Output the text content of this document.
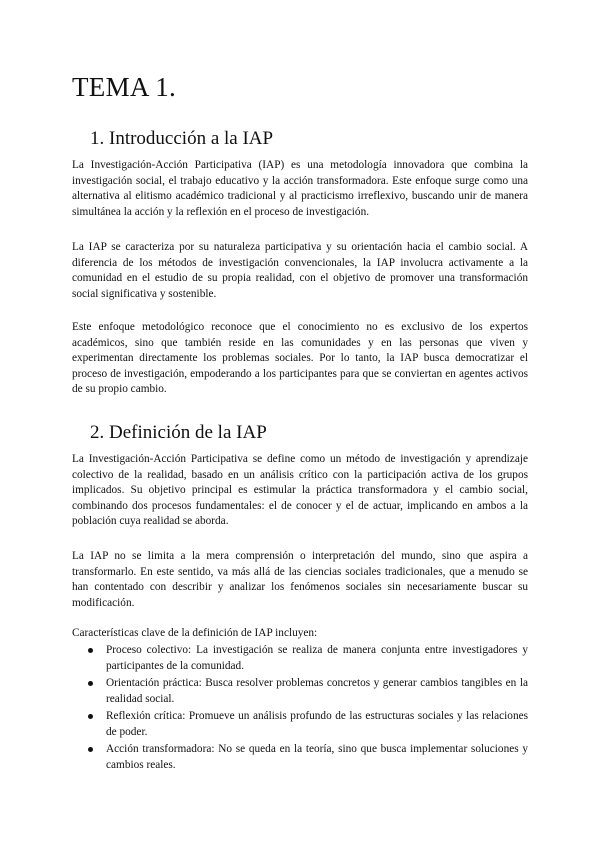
TEMA 1.
1. Introducción a la IAP

La Investigación-Acción Participativa (IAP) es una metodología innovadora que combina la investigación social, el trabajo educativo y la acción transformadora. Este enfoque surge como una alternativa al elitismo académico tradicional y al practicismo irreflexivo, buscando unir de manera simultánea la acción y la reflexión en el proceso de investigación.

La IAP se caracteriza por su naturaleza participativa y su orientación hacia el cambio social. A diferencia de los métodos de investigación convencionales, la IAP involucra activamente a la comunidad en el estudio de su propia realidad, con el objetivo de promover una transformación social significativa y sostenible.

Este enfoque metodológico reconoce que el conocimiento no es exclusivo de los expertos académicos, sino que también reside en las comunidades y en las personas que viven y experimentan directamente los problemas sociales. Por lo tanto, la IAP busca democratizar el proceso de investigación, empoderando a los participantes para que se conviertan en agentes activos de su propio cambio.

2. Definición de la IAP

La Investigación-Acción Participativa se define como un método de investigación y aprendizaje colectivo de la realidad, basado en un análisis crítico con la participación activa de los grupos implicados. Su objetivo principal es estimular la práctica transformadora y el cambio social, combinando dos procesos fundamentales: el de conocer y el de actuar, implicando en ambos a la población cuya realidad se aborda.

La IAP no se limita a la mera comprensión o interpretación del mundo, sino que aspira a transformarlo. En este sentido, va más allá de las ciencias sociales tradicionales, que a menudo se han contentado con describir y analizar los fenómenos sociales sin necesariamente buscar su modificación.

Características clave de la definición de IAP incluyen:

Proceso colectivo: La investigación se realiza de manera conjunta entre investigadores y participantes de la comunidad.
Orientación práctica: Busca resolver problemas concretos y generar cambios tangibles en la realidad social.
Reflexión crítica: Promueve un análisis profundo de las estructuras sociales y las relaciones de poder.
Acción transformadora: No se queda en la teoría, sino que busca implementar soluciones y cambios reales.
